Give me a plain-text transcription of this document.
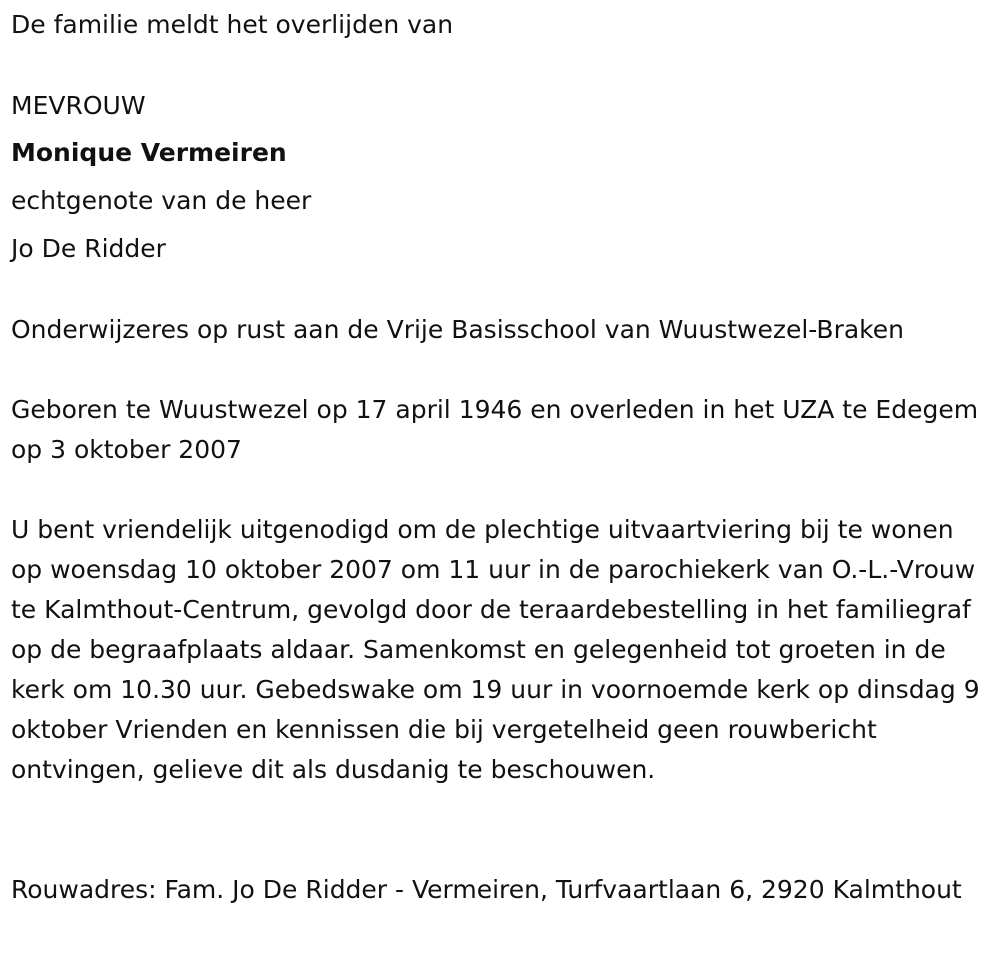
De familie meldt het overlijden van

MEVROUW

Monique Vermeiren

echtgenote van de heer

Jo De Ridder

Onderwijzeres op rust aan de Vrije Basisschool van Wuustwezel-Braken

Geboren te Wuustwezel op 17 april 1946 en overleden in het UZA te Edegem op 3 oktober 2007

U bent vriendelijk uitgenodigd om de plechtige uitvaartviering bij te wonen op woensdag 10 oktober 2007 om 11 uur in de parochiekerk van O.-L.-Vrouw te Kalmthout-Centrum, gevolgd door de teraardebestelling in het familiegraf op de begraafplaats aldaar. Samenkomst en gelegenheid tot groeten in de kerk om 10.30 uur. Gebedswake om 19 uur in voornoemde kerk op dinsdag 9 oktober Vrienden en kennissen die bij vergetelheid geen rouwbericht ontvingen, gelieve dit als dusdanig te beschouwen.

Rouwadres: Fam. Jo De Ridder - Vermeiren, Turfvaartlaan 6, 2920 Kalmthout
